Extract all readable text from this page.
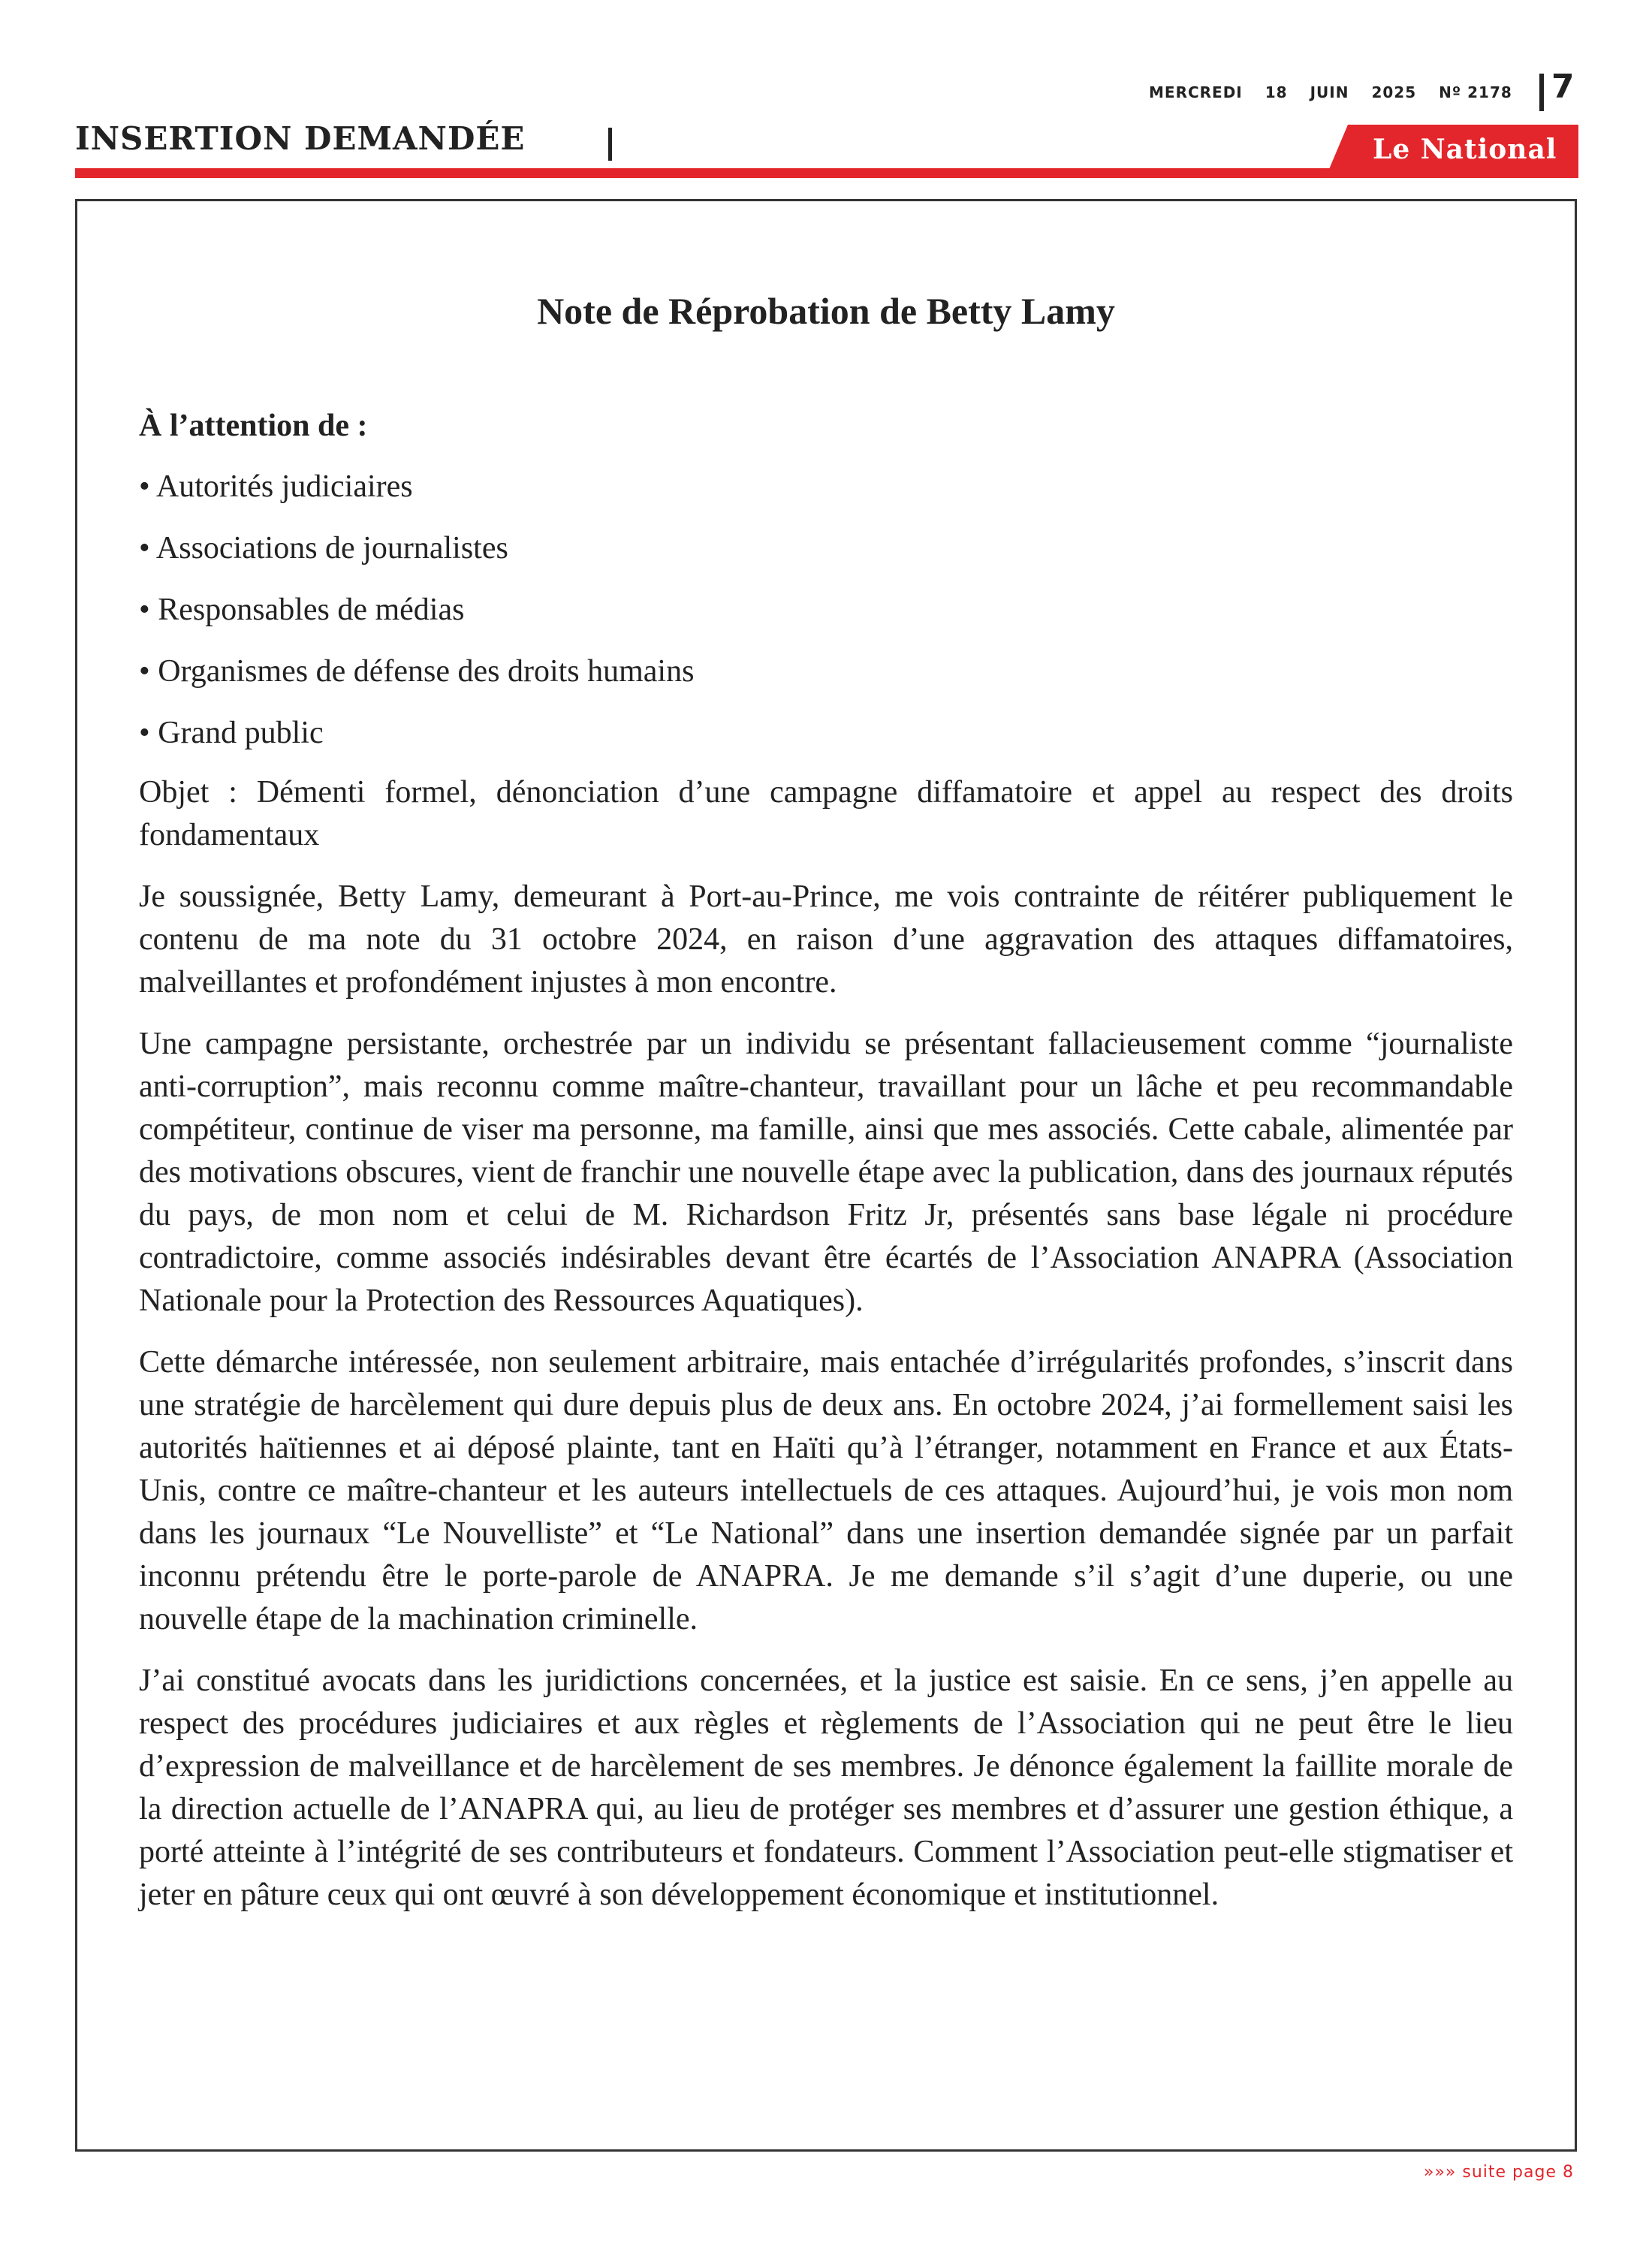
MERCREDI 18 JUIN 2025 Nº 2178 7
INSERTION DEMANDÉE	Le National
Note de Réprobation de Betty Lamy
À l’attention de :
• Autorités judiciaires
• Associations de journalistes
• Responsables de médias
• Organismes de défense des droits humains
• Grand public

Objet : Démenti formel, dénonciation d’une campagne diffamatoire et appel au respect des droits fondamentaux

Je soussignée, Betty Lamy, demeurant à Port-au-Prince, me vois contrainte de réitérer publiquement le contenu de ma note du 31 octobre 2024, en raison d’une aggravation des attaques diffamatoires, malveillantes et profondément injustes à mon encontre.

Une campagne persistante, orchestrée par un individu se présentant fallacieusement comme “journaliste anti-corruption”, mais reconnu comme maître-chanteur, travaillant pour un lâche et peu recommandable compétiteur, continue de viser ma personne, ma famille, ainsi que mes associés. Cette cabale, alimentée par des motivations obscures, vient de franchir une nouvelle étape avec la publication, dans des journaux réputés du pays, de mon nom et celui de M. Richardson Fritz Jr, présentés sans base légale ni procédure contradictoire, comme associés indésirables devant être écartés de l’Association ANAPRA (Association Nationale pour la Protection des Ressources Aquatiques).

Cette démarche intéressée, non seulement arbitraire, mais entachée d’irrégularités profondes, s’inscrit dans une stratégie de harcèlement qui dure depuis plus de deux ans. En octobre 2024, j’ai formellement saisi les autorités haïtiennes et ai déposé plainte, tant en Haïti qu’à l’étranger, notamment en France et aux États-Unis, contre ce maître-chanteur et les auteurs intellectuels de ces attaques. Aujourd’hui, je vois mon nom dans les journaux “Le Nouvelliste” et “Le National” dans une insertion demandée signée par un parfait inconnu prétendu être le porte-parole de ANAPRA. Je me demande s’il s’agit d’une duperie, ou une nouvelle étape de la machination criminelle.

J’ai constitué avocats dans les juridictions concernées, et la justice est saisie. En ce sens, j’en appelle au respect des procédures judiciaires et aux règles et règlements de l’Association qui ne peut être le lieu d’expression de malveillance et de harcèlement de ses membres. Je dénonce également la faillite morale de la direction actuelle de l’ANAPRA qui, au lieu de protéger ses membres et d’assurer une gestion éthique, a porté atteinte à l’intégrité de ses contributeurs et fondateurs. Comment l’Association peut-elle stigmatiser et jeter en pâture ceux qui ont œuvré à son développement économique et institutionnel.

»»» suite page 8
